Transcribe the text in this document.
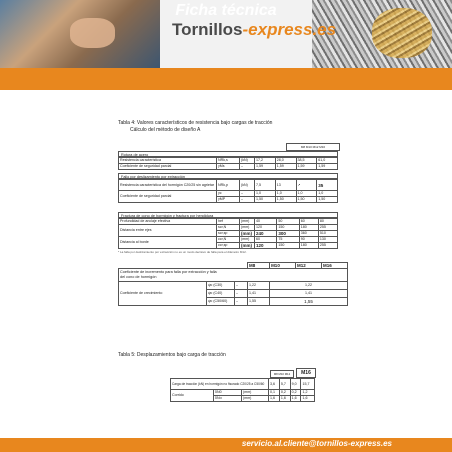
Tornillos-express.es
Ficha técnica
Tabla 4: Valores característicos de resistencia bajo cargas de tracción
Cálculo del método de diseño A
M8 M10 M12 M16
Rotura de acero
Resistencia característica	NRk,s	(kN)	17,2	28,0	38,5	61,0
Coeficiente de seguridad parcial	γMs	–	1,59	1,59	1,59	1,59
Fallo por deslizamiento por extracción
Resistencia característica del hormigón C20/25 sin agrietar	NRk,p	(kN)	7,5	13	↗	35
Coeficiente de seguridad parcial	γc	–	1,0	1,0	1,0	1,0
	γMP	–	1,50	1,50	1,50	1,50
Fractura de cono de hormigón y fractura por hendidura
Profundidad de anclaje efectiva	hef	(mm)	40	50	60	80
Distancia entre ejes	scr,N	(mm)	120	150	180	255
	scr,sp	(mm)	240	300	360	510
Distancia al borde	ccr,N	(mm)	60	75	90	130
	ccr,sp	(mm)	120	150	180	255
* La falla por deslizamiento por extracción no es un modo decisivo de falla para el diámetro M12.
			M8	M10	M12	M16

Coeficiente de incremento para falla por extracción y falla
del cono de hormigón						

Coeficiente de crecimiento	ψc (C30)	–	1,22	1,22		
	ψc (C40)	–	1,41	1,41		
	ψc (C50/60)	–	1,55	1,55		
Tabla 5: Desplazamientos bajo carga de tracción
M8 M10 M12	M16
Carga de tracción (kN) en hormigón no fisurado C20/25 a C50/60			3,6	5,7	9,0	15,7
Corrido	δN0	(mm)	0,1	0,2	0,2	1,2
	δN∞	(mm)	1,6	1,6	1,6	1,6
servicio.al.cliente@tornillos-express.es
